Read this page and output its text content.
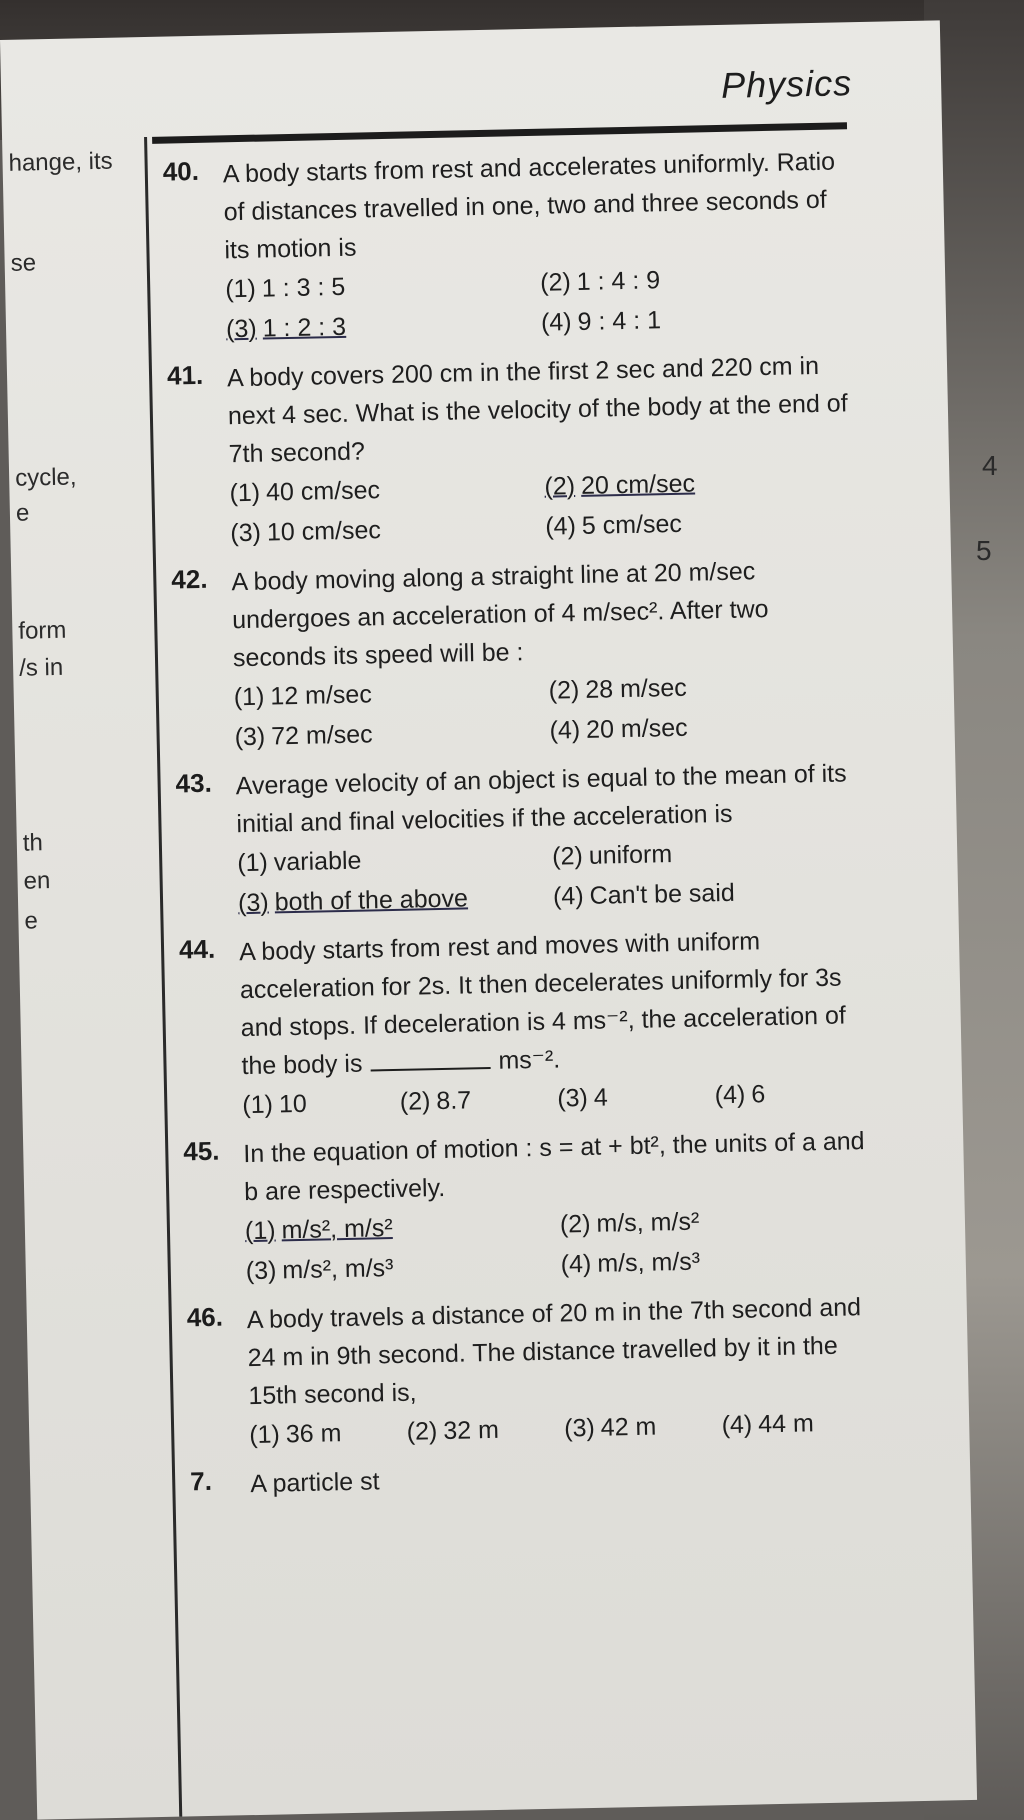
4
5
Physics
hange, its
se
cycle,
e
form
/s in
th
en
e
40. A body starts from rest and accelerates uniformly. Ratio of distances travelled in one, two and three seconds of its motion is
(1) 1 : 3 : 5	(2) 1 : 4 : 9
(3) 1 : 2 : 3	(4) 9 : 4 : 1
41. A body covers 200 cm in the first 2 sec and 220 cm in next 4 sec. What is the velocity of the body at the end of 7th second?
(1) 40 cm/sec	(2) 20 cm/sec
(3) 10 cm/sec	(4) 5 cm/sec
42. A body moving along a straight line at 20 m/sec undergoes an acceleration of 4 m/sec². After two seconds its speed will be :
(1) 12 m/sec	(2) 28 m/sec
(3) 72 m/sec	(4) 20 m/sec
43. Average velocity of an object is equal to the mean of its initial and final velocities if the acceleration is
(1) variable	(2) uniform
(3) both of the above	(4) Can't be said
44. A body starts from rest and moves with uniform acceleration for 2s. It then decelerates uniformly for 3s and stops. If deceleration is 4 ms⁻², the acceleration of the body is	ms⁻².
(1) 10	(2) 8.7	(3) 4	(4) 6
45. In the equation of motion : s = at + bt², the units of a and b are respectively.
(1) m/s², m/s²	(2) m/s, m/s²
(3) m/s², m/s³	(4) m/s, m/s³
46. A body travels a distance of 20 m in the 7th second and 24 m in 9th second. The distance travelled by it in the 15th second is,
(1) 36 m	(2) 32 m	(3) 42 m	(4) 44 m
7.	A particle st
